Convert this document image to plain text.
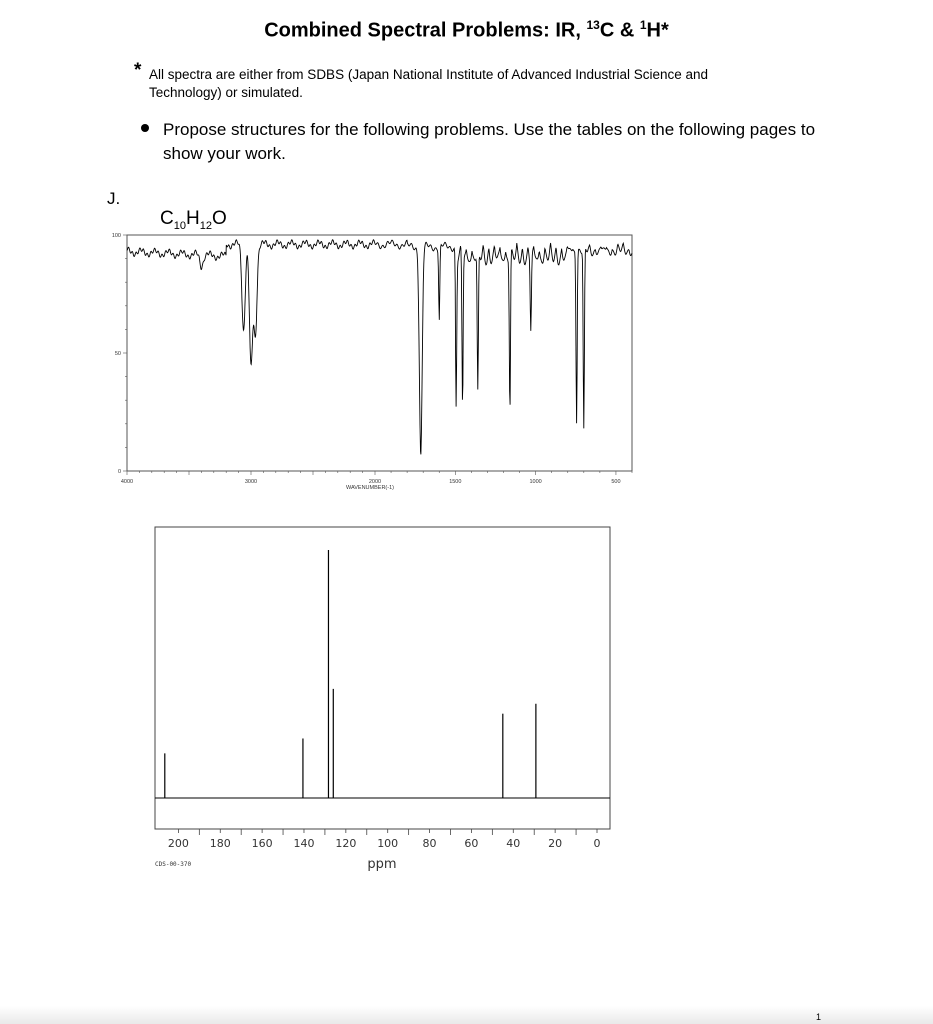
Combined Spectral Problems: IR, $^{13}$C & $^1$H*
* All spectra are either from SDBS (Japan National Institute of Advanced Industrial Science and Technology) or simulated.
Propose structures for the following problems. Use the tables on the following pages to show your work.
J.
$C_{10}H_{12}O$
4000	3000	2000	1500	1000	500
0
50
100
WAVENUMBER(-1)
200 180 160 140 120 100 80	60	40	20	0
ppm
CDS-00-370
1
